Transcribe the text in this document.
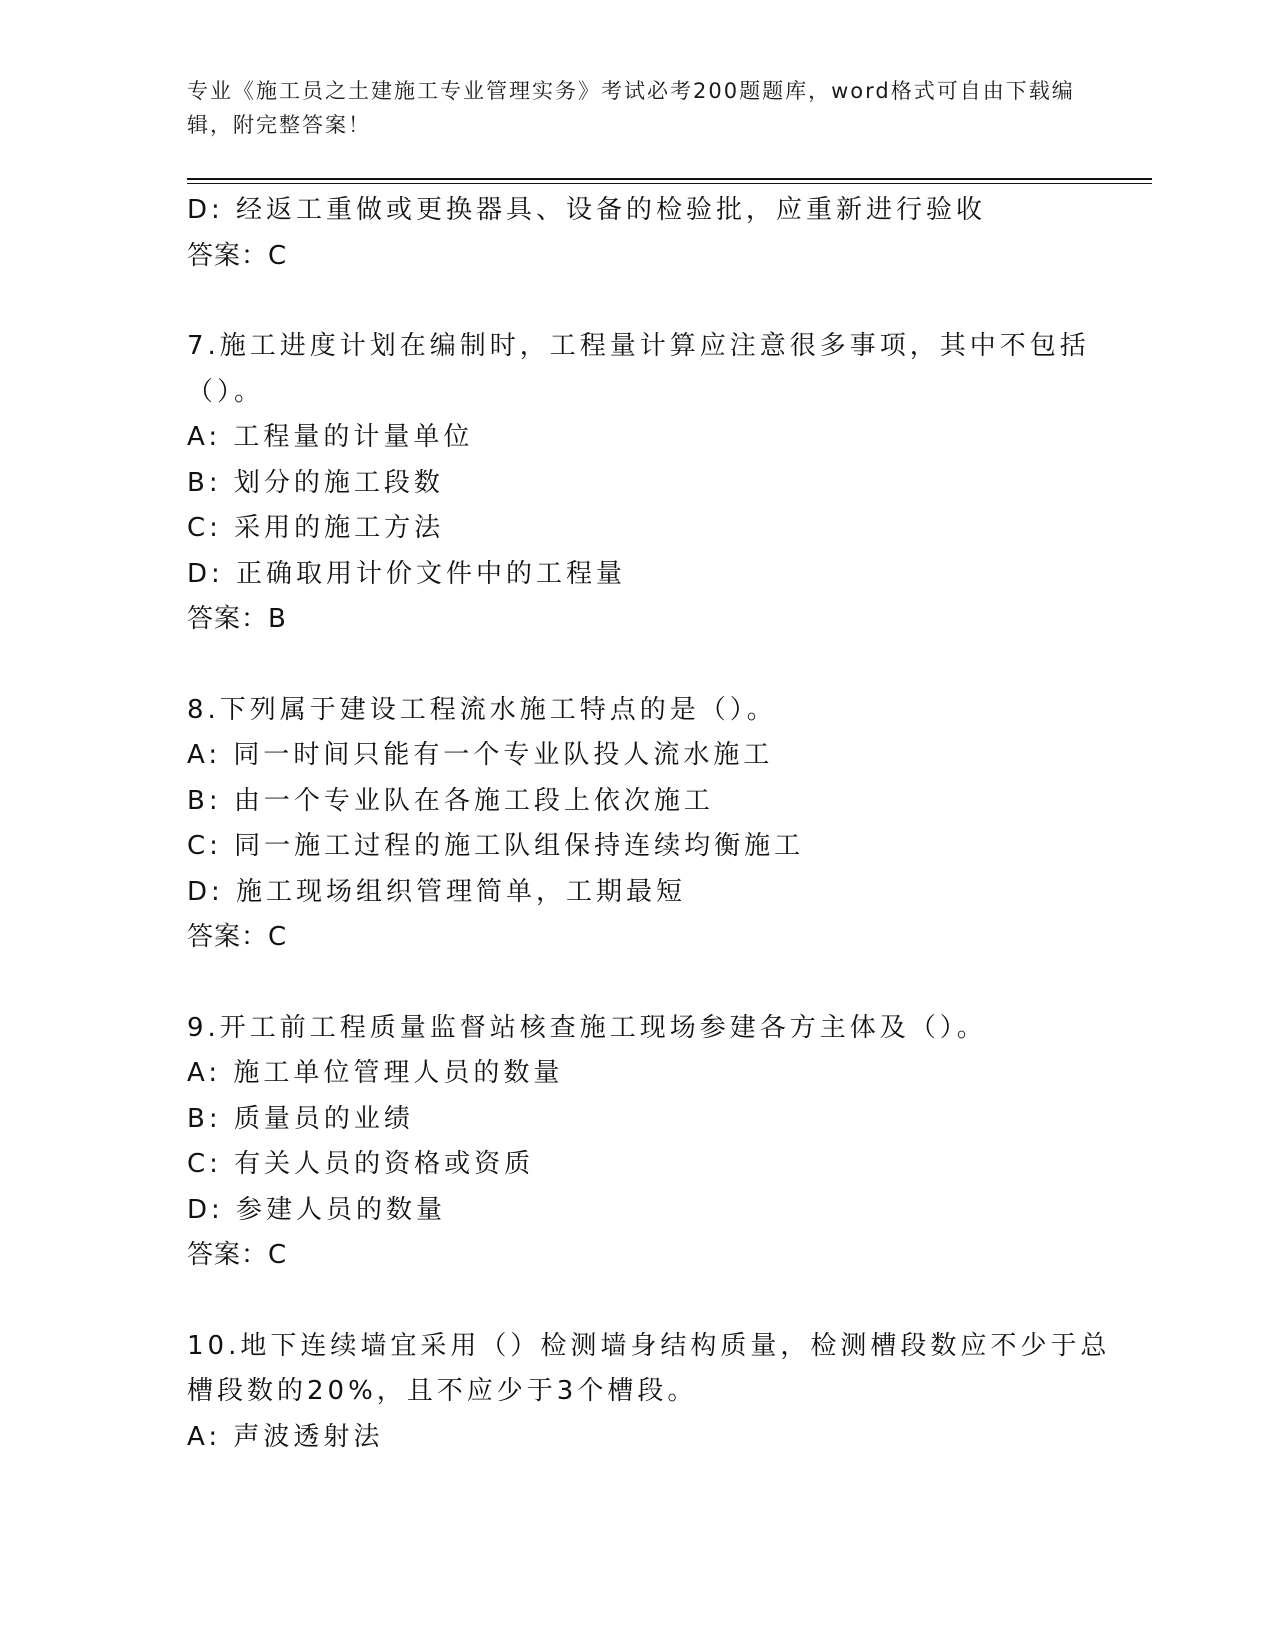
专业《施工员之土建施工专业管理实务》考试必考200题题库，word格式可自由下载编辑，附完整答案！
D: 经返工重做或更换器具、设备的检验批，应重新进行验收
答案：C
7.施工进度计划在编制时，工程量计算应注意很多事项，其中不包括
（）。
A: 工程量的计量单位
B: 划分的施工段数
C: 采用的施工方法
D: 正确取用计价文件中的工程量
答案：B
8.下列属于建设工程流水施工特点的是（）。
A: 同一时间只能有一个专业队投人流水施工
B: 由一个专业队在各施工段上依次施工
C: 同一施工过程的施工队组保持连续均衡施工
D: 施工现场组织管理简单，工期最短
答案：C
9.开工前工程质量监督站核查施工现场参建各方主体及（）。
A: 施工单位管理人员的数量
B: 质量员的业绩
C: 有关人员的资格或资质
D: 参建人员的数量
答案：C
10.地下连续墙宜采用（）检测墙身结构质量，检测槽段数应不少于总
槽段数的20%，且不应少于3个槽段。
A: 声波透射法
